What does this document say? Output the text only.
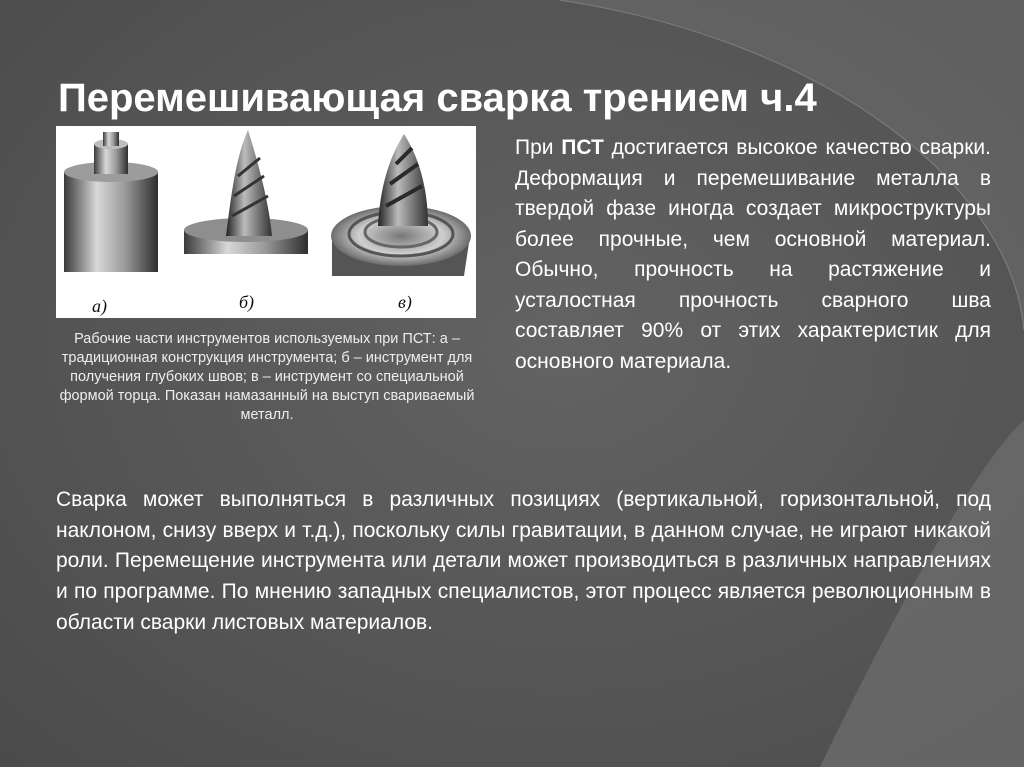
Перемешивающая сварка трением ч.4
а)	б)	в)
Рабочие части инструментов используемых при ПСТ: а – традиционная конструкция инструмента; б – инструмент для получения глубоких швов; в – инструмент со специальной формой торца. Показан намазанный на выступ свариваемый металл.
При ПСТ достигается высокое качество сварки. Деформация и перемешивание металла в твердой фазе иногда создает микроструктуры более прочные, чем основной материал. Обычно, прочность на растяжение и усталостная прочность сварного шва составляет 90% от этих характеристик для основного материала.
Сварка может выполняться в различных позициях (вертикальной, горизонтальной, под наклоном, снизу вверх и т.д.), поскольку силы гравитации, в данном случае, не играют никакой роли. Перемещение инструмента или детали может производиться в различных направлениях и по программе. По мнению западных специалистов, этот процесс является революционным в области сварки листовых материалов.
